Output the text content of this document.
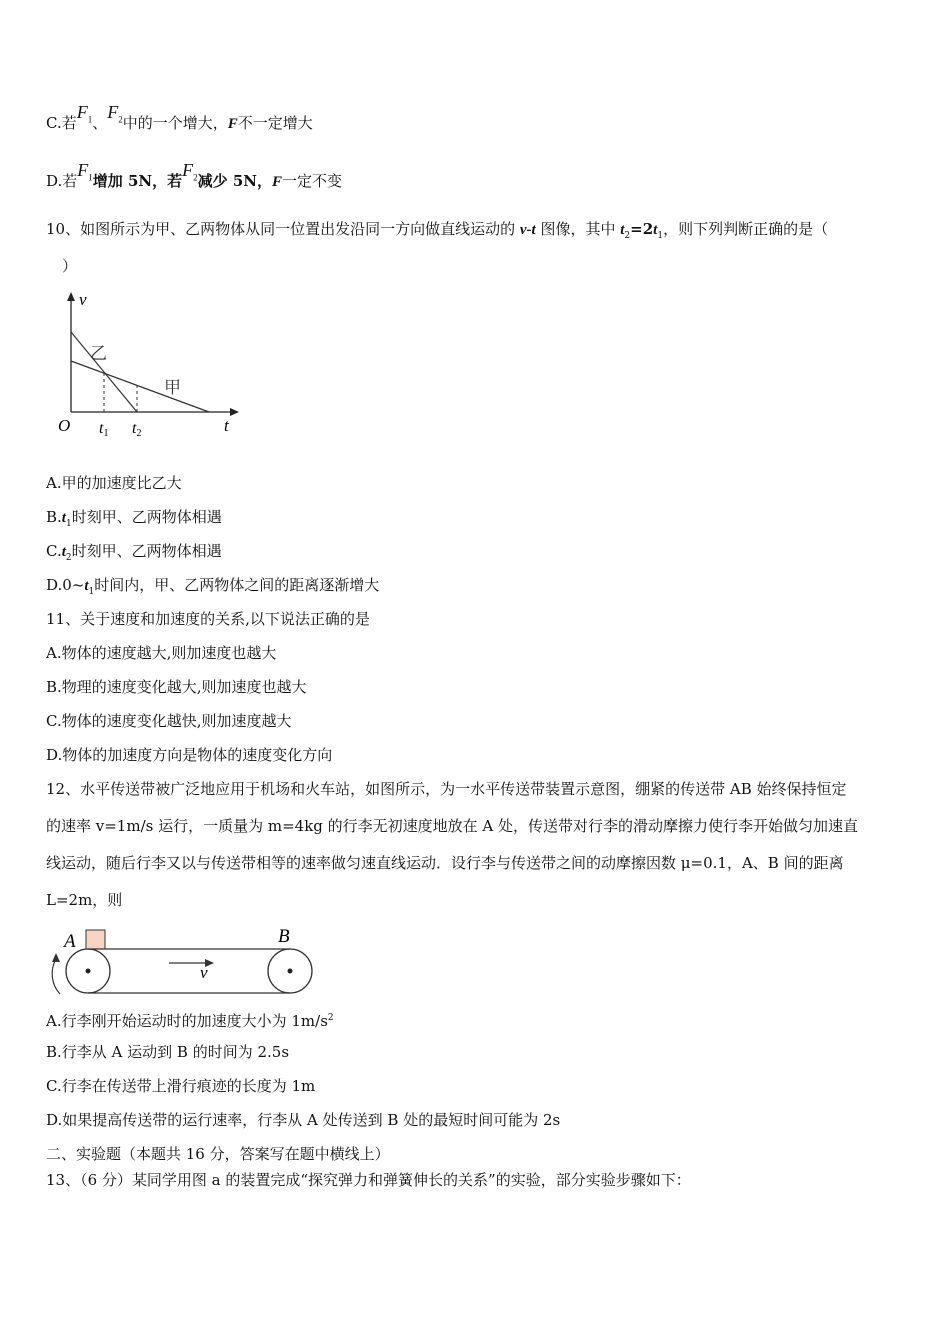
C.若$F_1$、$F_2$中的一个增大，F不一定增大
D.若$F_1$增加 5N，若$F_2$减少 5N，F一定不变
10、如图所示为甲、乙两物体从同一位置出发沿同一方向做直线运动的 v-t 图像，其中 $t_2=2t_1$，则下列判断正确的是（
）
v
t
O t1 t2
乙
甲
A.甲的加速度比乙大
$B.t_1$时刻甲、乙两物体相遇
$C.t_2$时刻甲、乙两物体相遇
$D.0\sim t_1$时间内，甲、乙两物体之间的距离逐渐增大
11、关于速度和加速度的关系,以下说法正确的是
A.物体的速度越大,则加速度也越大
B.物理的速度变化越大,则加速度也越大
C.物体的速度变化越快,则加速度越大
D.物体的加速度方向是物体的速度变化方向
12、水平传送带被广泛地应用于机场和火车站，如图所示，为一水平传送带装置示意图，绷紧的传送带 AB 始终保持恒定
的速率 v=1m/s 运行，一质量为 m=4kg 的行李无初速度地放在 A 处，传送带对行李的滑动摩擦力使行李开始做匀加速直
线运动，随后行李又以与传送带相等的速率做匀速直线运动．设行李与传送带之间的动摩擦因数 μ=0.1，A、B 间的距离
L=2m，则
A	B
v
A.行李刚开始运动时的加速度大小为 $1m/s^2$
B.行李从 A 运动到 B 的时间为 2.5s
C.行李在传送带上滑行痕迹的长度为 1m
D.如果提高传送带的运行速率，行李从 A 处传送到 B 处的最短时间可能为 2s
二、实验题（本题共 16 分，答案写在题中横线上）
13、（6 分）某同学用图 a 的装置完成“探究弹力和弹簧伸长的关系”的实验，部分实验步骤如下：
